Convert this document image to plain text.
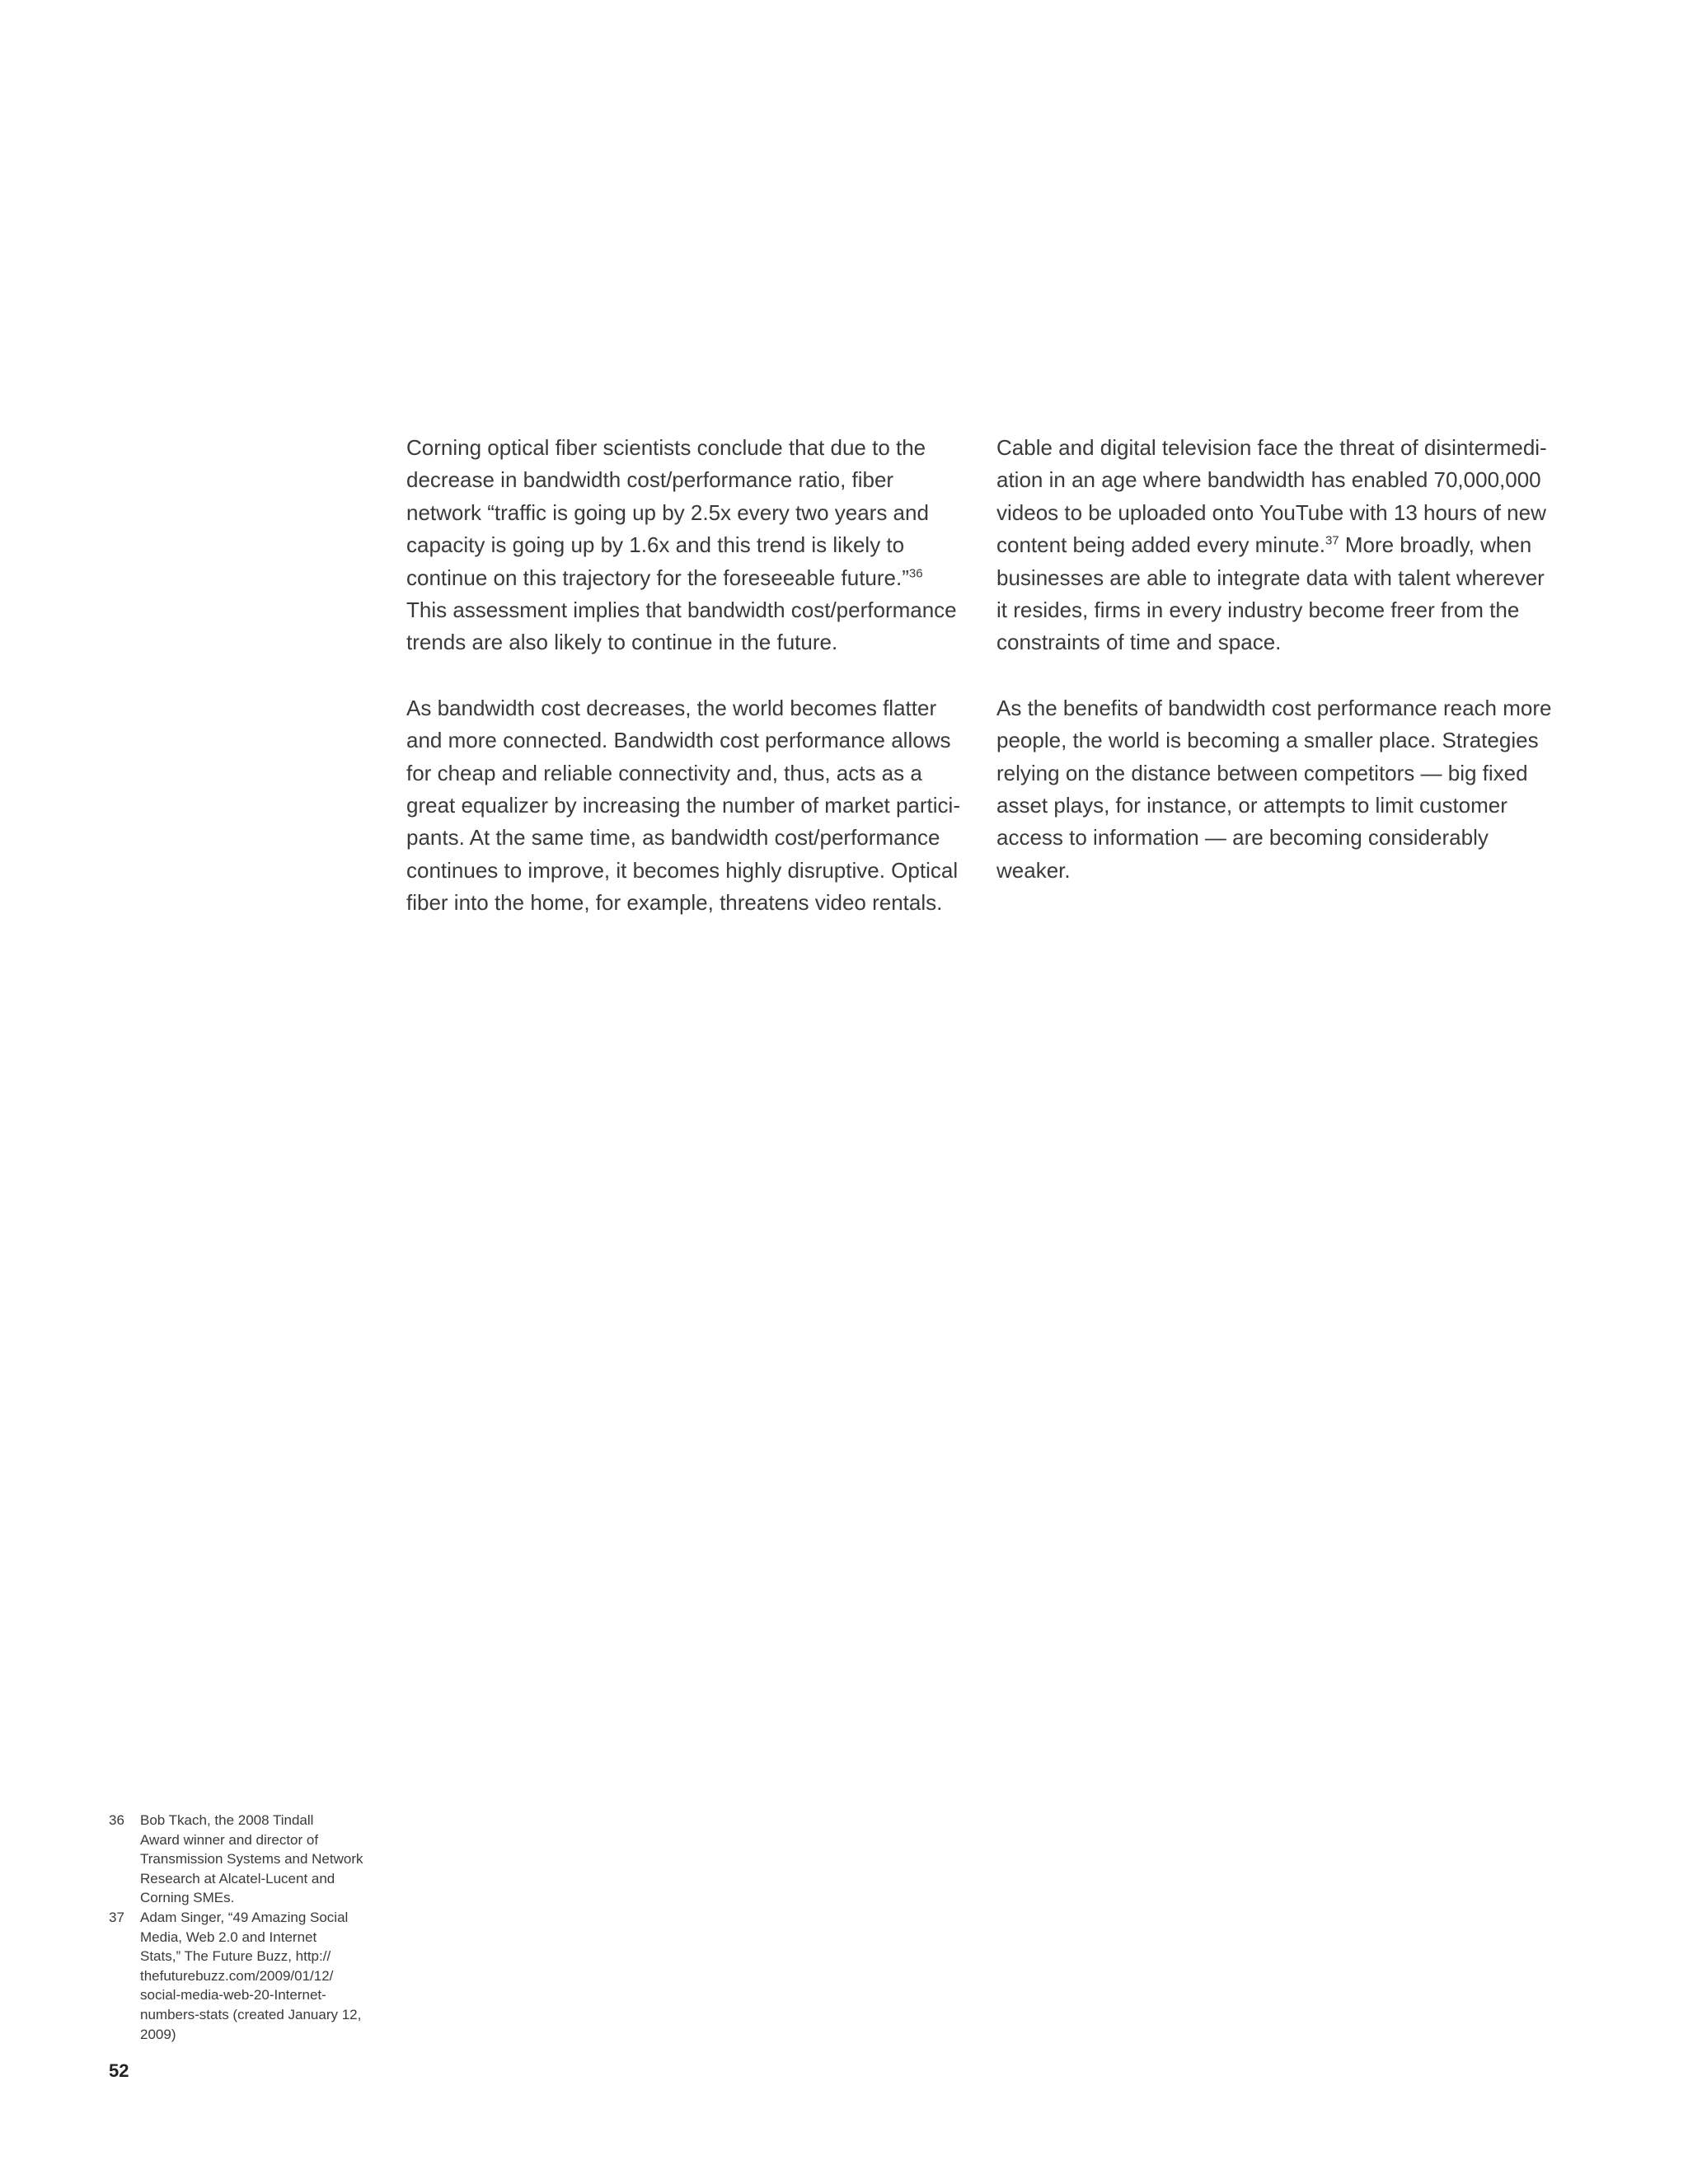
Corning optical fiber scientists conclude that due to the
decrease in bandwidth cost/performance ratio, fiber
network “traffic is going up by 2.5x every two years and
capacity is going up by 1.6x and this trend is likely to
continue on this trajectory for the foreseeable future.”$^{36}$
This assessment implies that bandwidth cost/performance
trends are also likely to continue in the future.

As bandwidth cost decreases, the world becomes flatter
and more connected. Bandwidth cost performance allows
for cheap and reliable connectivity and, thus, acts as a
great equalizer by increasing the number of market partici-
pants. At the same time, as bandwidth cost/performance
continues to improve, it becomes highly disruptive. Optical
fiber into the home, for example, threatens video rentals.

Cable and digital television face the threat of disintermedi-
ation in an age where bandwidth has enabled 70,000,000
videos to be uploaded onto YouTube with 13 hours of new
content being added every minute.$^{37}$ More broadly, when
businesses are able to integrate data with talent wherever
it resides, firms in every industry become freer from the
constraints of time and space.

As the benefits of bandwidth cost performance reach more
people, the world is becoming a smaller place. Strategies
relying on the distance between competitors — big fixed
asset plays, for instance, or attempts to limit customer
access to information — are becoming considerably
weaker.

36	Bob Tkach, the 2008 Tindall
Award winner and director of
Transmission Systems and Network
Research at Alcatel-Lucent and
Corning SMEs.
37	Adam Singer, “49 Amazing Social
Media, Web 2.0 and Internet
Stats,” The Future Buzz, http://
thefuturebuzz.com/2009/01/12/
social-media-web-20-Internet-
numbers-stats (created January 12,
2009)
52
